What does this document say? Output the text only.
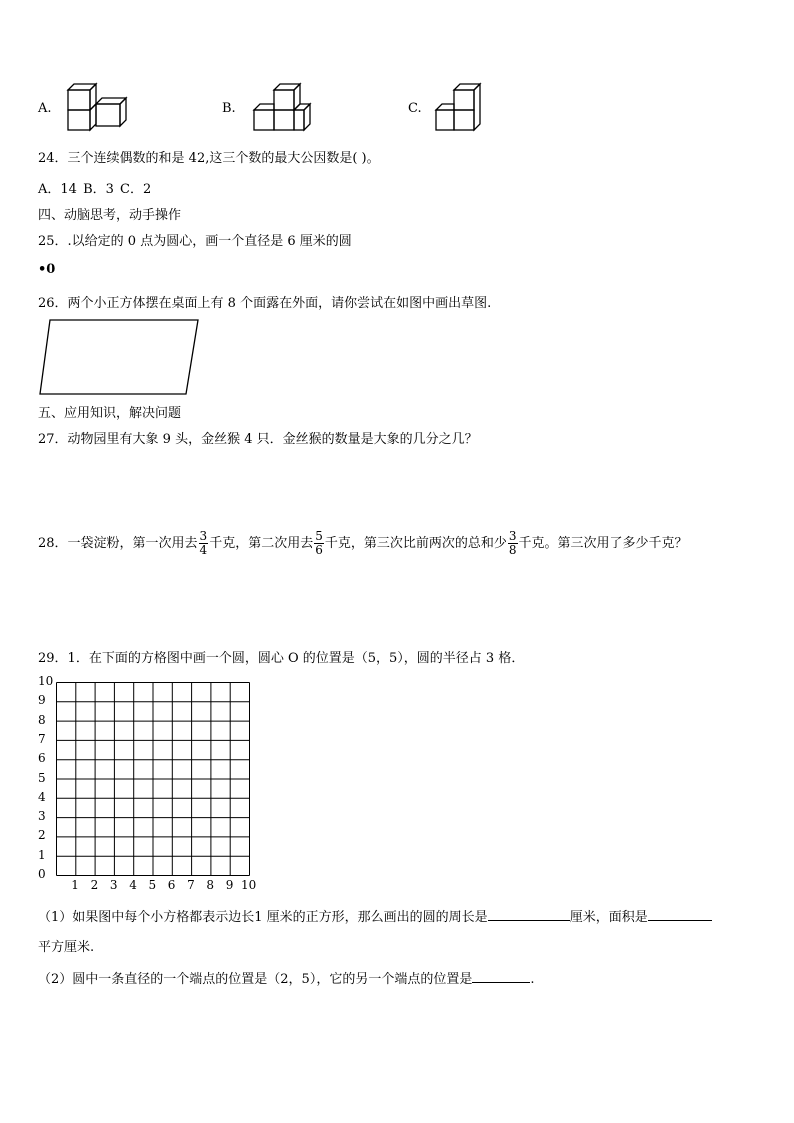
A.	B.	C.
24．三个连续偶数的和是 42,这三个数的最大公因数是( )。
A．14 B．3 C．2
四、动脑思考，动手操作
25．.以给定的 0 点为圆心，画一个直径是 6 厘米的圆
•0
26．两个小正方体摆在桌面上有 8 个面露在外面，请你尝试在如图中画出草图.
五、应用知识，解决问题
27．动物园里有大象 9 头，金丝猴 4 只．金丝猴的数量是大象的几分之几？
28．一袋淀粉，第一次用去 $\frac{3}{4}$ 千克，第二次用去 $\frac{5}{6}$ 千克，第三次比前两次的总和少 $\frac{3}{8}$ 千克。第三次用了多少千克？
29．1．在下面的方格图中画一个圆，圆心 O 的位置是（5，5），圆的半径占 3 格．
10
9
8
7
6
5
4
3
2
1
0
1 2 3 4 5 6 7 8 9 10
（1）如果图中每个小方格都表示边长1 厘米的正方形，那么画出的圆的周长是	厘米，面积是
平方厘米.
（2）圆中一条直径的一个端点的位置是（2，5），它的另一个端点的位置是	.
